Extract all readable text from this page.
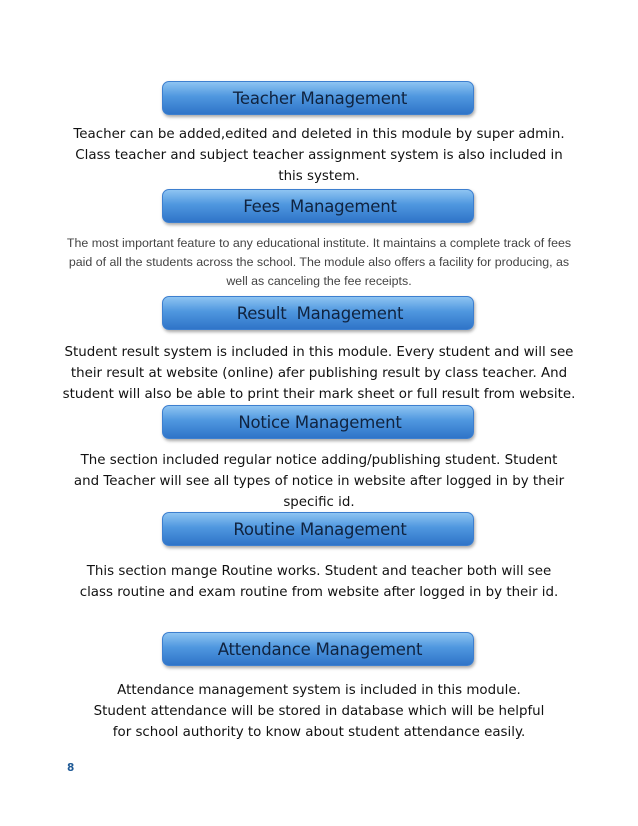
Teacher Management

Teacher can be added,edited and deleted in this module by super admin. Class teacher and subject teacher assignment system is also included in this system.

Fees  Management

The most important feature to any educational institute. It maintains a complete track of fees paid of all the students across the school. The module also offers a facility for producing, as well as canceling the fee receipts.

Result  Management

Student result system is included in this module. Every student and will see their result at website (online) afer publishing result by class teacher. And student will also be able to print their mark sheet or full result from website.

Notice Management

The section included regular notice adding/publishing student. Student and Teacher will see all types of notice in website after logged in by their specific id.

Routine Management

This section mange Routine works. Student and teacher both will see class routine and exam routine from website after logged in by their id.

Attendance Management

Attendance management system is included in this module. Student attendance will be stored in database which will be helpful for school authority to know about student attendance easily.

8
